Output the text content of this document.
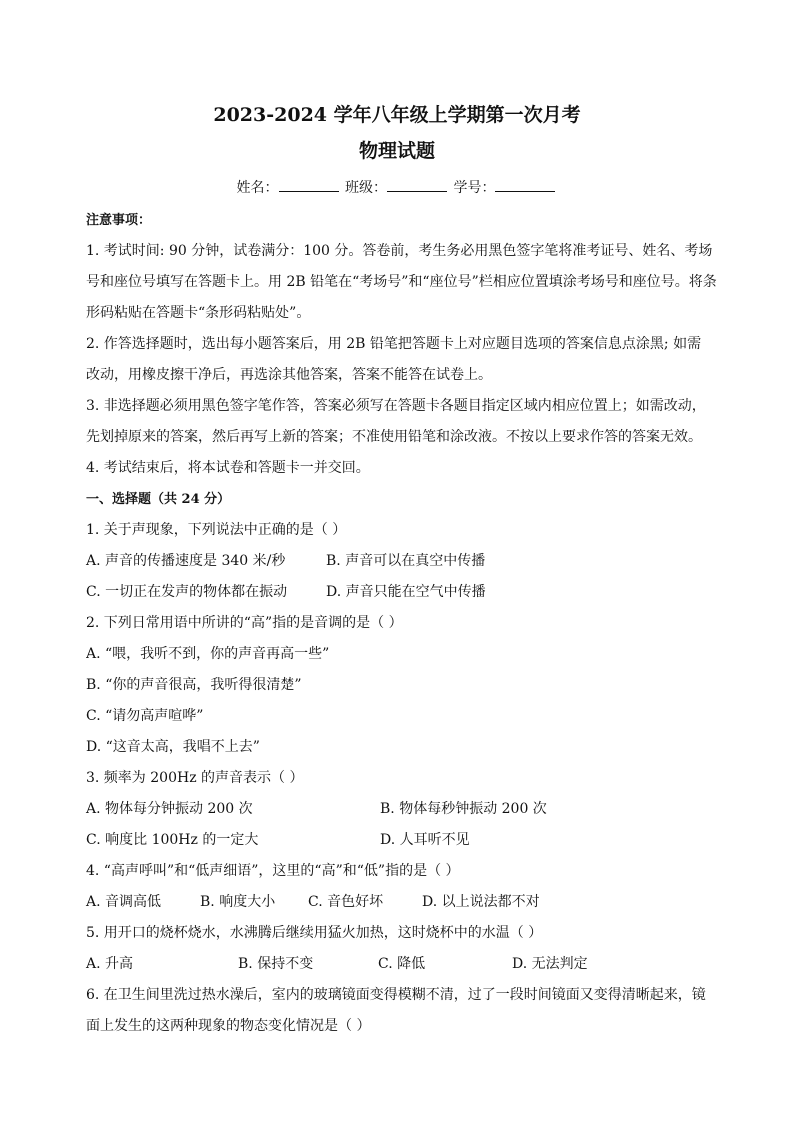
2023-2024 学年八年级上学期第一次月考
物理试题
姓名：	班级：	学号：
注意事项：
1. 考试时间: 90 分钟，试卷满分：100 分。答卷前，考生务必用黑色签字笔将准考证号、姓名、考场
号和座位号填写在答题卡上。用 2B 铅笔在“考场号”和“座位号”栏相应位置填涂考场号和座位号。将条
形码粘贴在答题卡“条形码粘贴处”。
2. 作答选择题时，选出每小题答案后，用 2B 铅笔把答题卡上对应题目选项的答案信息点涂黑; 如需
改动，用橡皮擦干净后，再选涂其他答案，答案不能答在试卷上。
3. 非选择题必须用黑色签字笔作答，答案必须写在答题卡各题目指定区域内相应位置上；如需改动，
先划掉原来的答案，然后再写上新的答案；不准使用铅笔和涂改液。不按以上要求作答的答案无效。
4. 考试结束后，将本试卷和答题卡一并交回。
一、选择题（共 24 分）
1. 关于声现象，下列说法中正确的是（ ）
A. 声音的传播速度是 340 米/秒	B. 声音可以在真空中传播
C. 一切正在发声的物体都在振动	D. 声音只能在空气中传播
2. 下列日常用语中所讲的“高”指的是音调的是（ ）
A. “喂，我听不到，你的声音再高一些”
B. “你的声音很高，我听得很清楚”
C. “请勿高声喧哗”
D. “这音太高，我唱不上去”
3. 频率为 200Hz 的声音表示（ ）
A. 物体每分钟振动 200 次	B. 物体每秒钟振动 200 次
C. 响度比 100Hz 的一定大	D. 人耳听不见
4. “高声呼叫”和“低声细语”，这里的“高”和“低”指的是（ ）
A. 音调高低	B. 响度大小	C. 音色好坏	D. 以上说法都不对
5. 用开口的烧杯烧水，水沸腾后继续用猛火加热，这时烧杯中的水温（ ）
A. 升高	B. 保持不变	C. 降低	D. 无法判定
6. 在卫生间里洗过热水澡后，室内的玻璃镜面变得模糊不清，过了一段时间镜面又变得清晰起来，镜
面上发生的这两种现象的物态变化情况是（ ）
